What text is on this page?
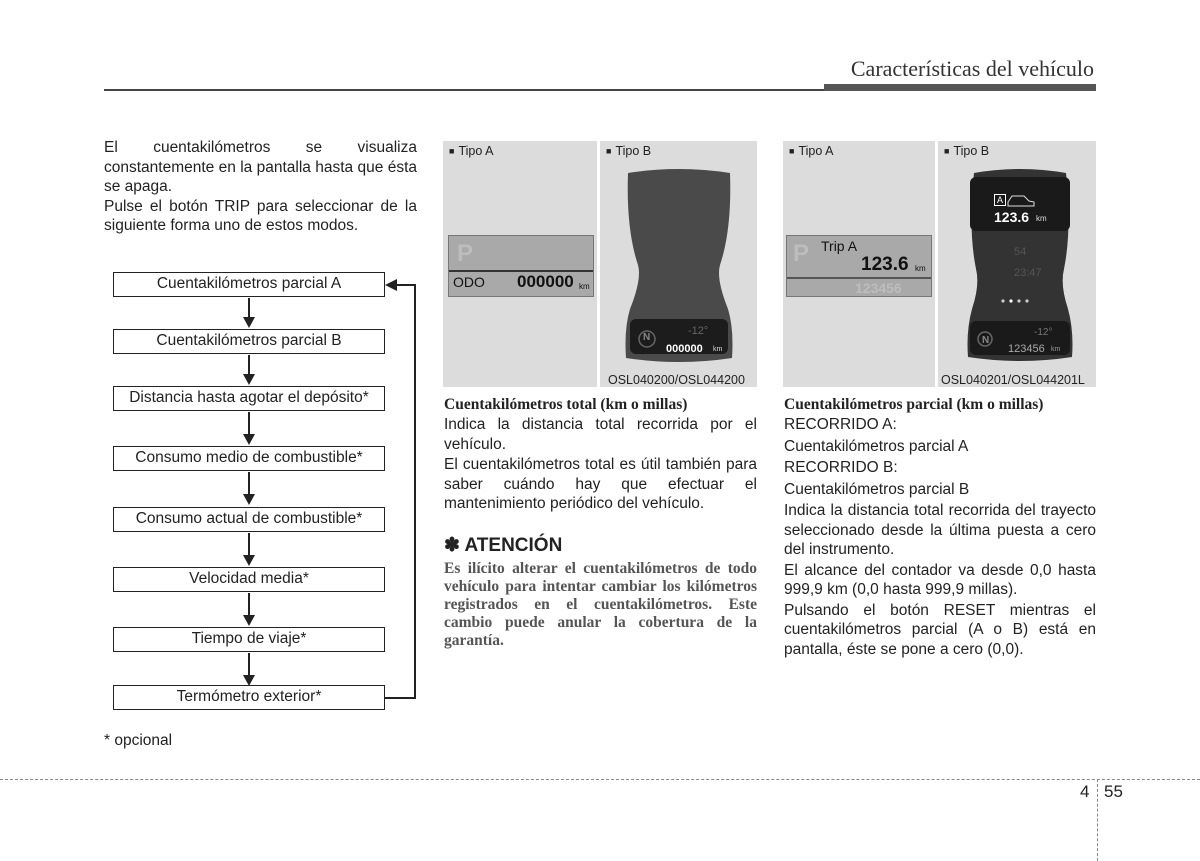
Características del vehículo

El cuentakilómetros se visualiza constantemente en la pantalla hasta que ésta se apaga.

Pulse el botón TRIP para seleccionar de la siguiente forma uno de estos modos.

Cuentakilómetros parcial A
Cuentakilómetros parcial B
Distancia hasta agotar el depósito*
Consumo medio de combustible*
Consumo actual de combustible*
Velocidad media*
Tiempo de viaje*
Termómetro exterior*
* opcional
■ Tipo A
P
ODO 000000 km
■ Tipo B
N
-12°
000000 km
OSL040200/OSL044200
■ Tipo A
P Trip A
123.6 km
123456
■ Tipo B
A
123.6 km
54
23:47
-12°
N
123456 km
OSL040201/OSL044201L
Cuentakilómetros total (km o millas)

Indica la distancia total recorrida por el vehículo.

El cuentakilómetros total es útil también para saber cuándo hay que efectuar el mantenimiento periódico del vehículo.

✽ ATENCIÓN
Es ilícito alterar el cuentakilómetros de todo vehículo para intentar cambiar los kilómetros registrados en el cuentakilómetros. Este cambio puede anular la cobertura de la garantía.
Cuentakilómetros parcial (km o millas)

RECORRIDO A:

Cuentakilómetros parcial A

RECORRIDO B:

Cuentakilómetros parcial B

Indica la distancia total recorrida del trayecto seleccionado desde la última puesta a cero del instrumento.

El alcance del contador va desde 0,0 hasta 999,9 km (0,0 hasta 999,9 millas).

Pulsando el botón RESET mientras el cuentakilómetros parcial (A o B) está en pantalla, éste se pone a cero (0,0).

4 55
